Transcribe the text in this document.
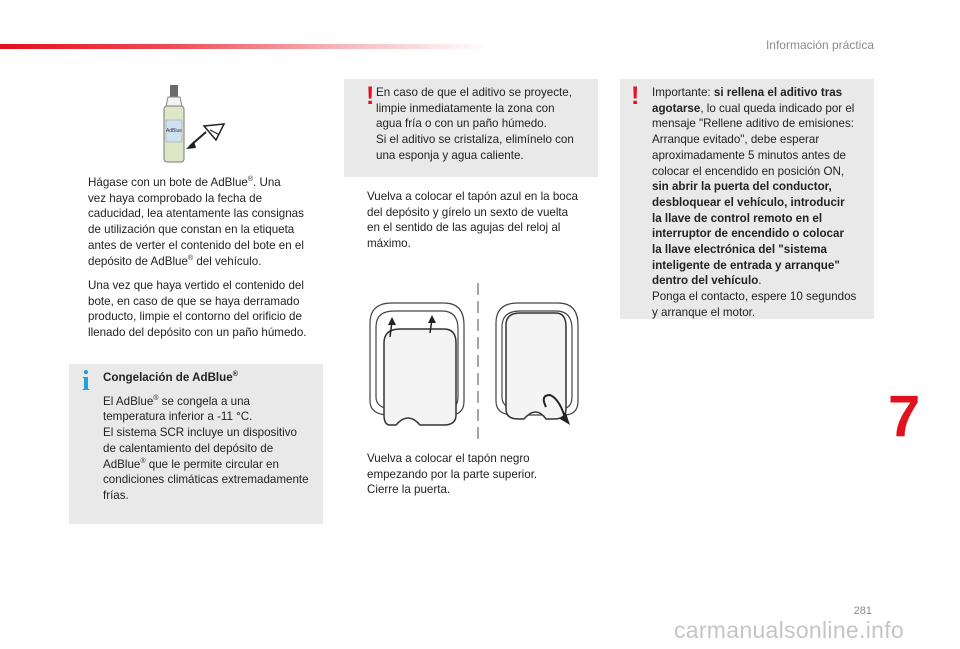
Información práctica
AdBlue
Hágase con un bote de AdBlue®. Una
vez haya comprobado la fecha de
caducidad, lea atentamente las consignas
de utilización que constan en la etiqueta
antes de verter el contenido del bote en el
depósito de AdBlue® del vehículo.
Una vez que haya vertido el contenido del
bote, en caso de que se haya derramado
producto, limpie el contorno del orificio de
llenado del depósito con un paño húmedo.
i Congelación de AdBlue®
El AdBlue® se congela a una
temperatura inferior a -11 °C.
El sistema SCR incluye un dispositivo
de calentamiento del depósito de
AdBlue® que le permite circular en
condiciones climáticas extremadamente
frías.
! En caso de que el aditivo se proyecte,
limpie inmediatamente la zona con
agua fría o con un paño húmedo.
Si el aditivo se cristaliza, elimínelo con
una esponja y agua caliente.
Vuelva a colocar el tapón azul en la boca
del depósito y gírelo un sexto de vuelta
en el sentido de las agujas del reloj al
máximo.
Vuelva a colocar el tapón negro
empezando por la parte superior.
Cierre la puerta.
! Importante: si rellena el aditivo tras
agotarse, lo cual queda indicado por el
mensaje "Rellene aditivo de emisiones:
Arranque evitado", debe esperar
aproximadamente 5 minutos antes de
colocar el encendido en posición ON,
sin abrir la puerta del conductor,
desbloquear el vehículo, introducir
la llave de control remoto en el
interruptor de encendido o colocar
la llave electrónica del "sistema
inteligente de entrada y arranque"
dentro del vehículo.
Ponga el contacto, espere 10 segundos
y arranque el motor.
7
281
carmanualsonline.info
